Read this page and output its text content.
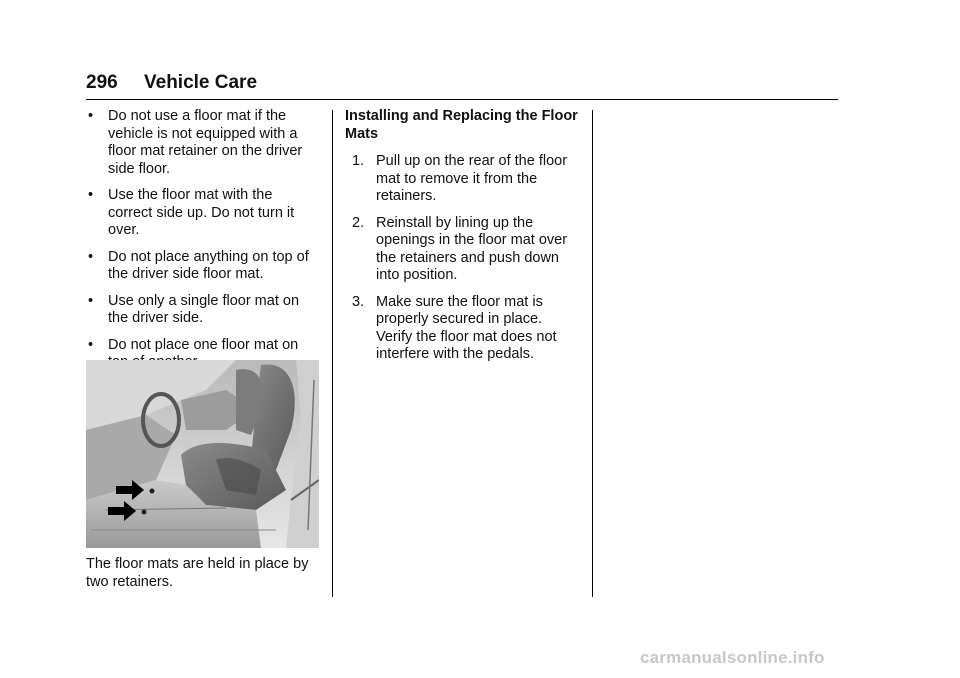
296 Vehicle Care
• Do not use a floor mat if the vehicle is not equipped with a floor mat retainer on the driver side floor.
• Use the floor mat with the correct side up. Do not turn it over.
• Do not place anything on top of the driver side floor mat.
• Use only a single floor mat on the driver side.
• Do not place one floor mat on
The floor mats are held in place by two retainers.
Installing and Replacing the Floor Mats
1. Pull up on the rear of the floor mat to remove it from the retainers.
2. Reinstall by lining up the openings in the floor mat over the retainers and push down into position.
3. Make sure the floor mat is properly secured in place. Verify the floor mat does not interfere with the pedals.
carmanualsonline.info
